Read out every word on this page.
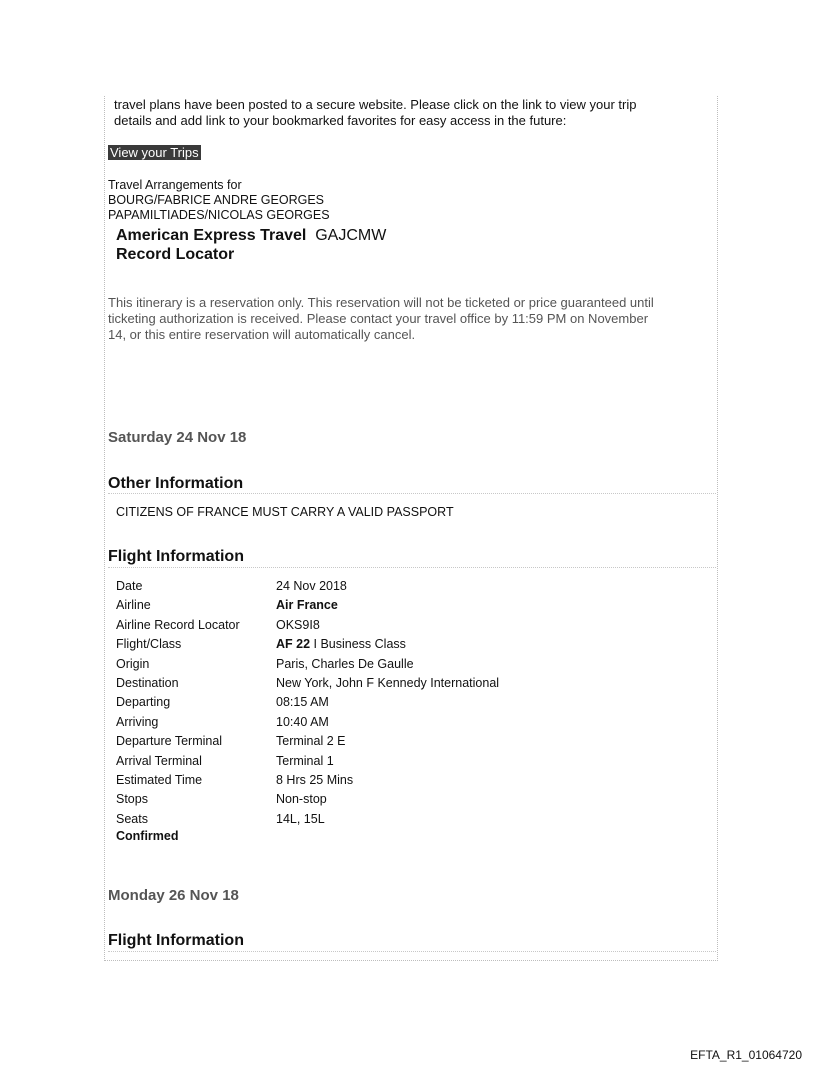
travel plans have been posted to a secure website. Please click on the link to view your trip
details and add link to your bookmarked favorites for easy access in the future:
View your Trips
Travel Arrangements for
BOURG/FABRICE ANDRE GEORGES
PAPAMILTIADES/NICOLAS GEORGES
American Express Travel GAJCMW
Record Locator
This itinerary is a reservation only. This reservation will not be ticketed or price guaranteed until
ticketing authorization is received. Please contact your travel office by 11:59 PM on November
14, or this entire reservation will automatically cancel.
Saturday 24 Nov 18
Other Information
CITIZENS OF FRANCE MUST CARRY A VALID PASSPORT
Flight Information
Date	24 Nov 2018
Airline	Air France
Airline Record Locator	OKS9I8
Flight/Class	AF 22 I Business Class
Origin	Paris, Charles De Gaulle
Destination	New York, John F Kennedy International
Departing	08:15 AM
Arriving	10:40 AM
Departure Terminal	Terminal 2 E
Arrival Terminal	Terminal 1
Estimated Time	8 Hrs 25 Mins
Stops	Non-stop
Seats	14L, 15L
Confirmed
Monday 26 Nov 18
Flight Information
EFTA_R1_01064720
